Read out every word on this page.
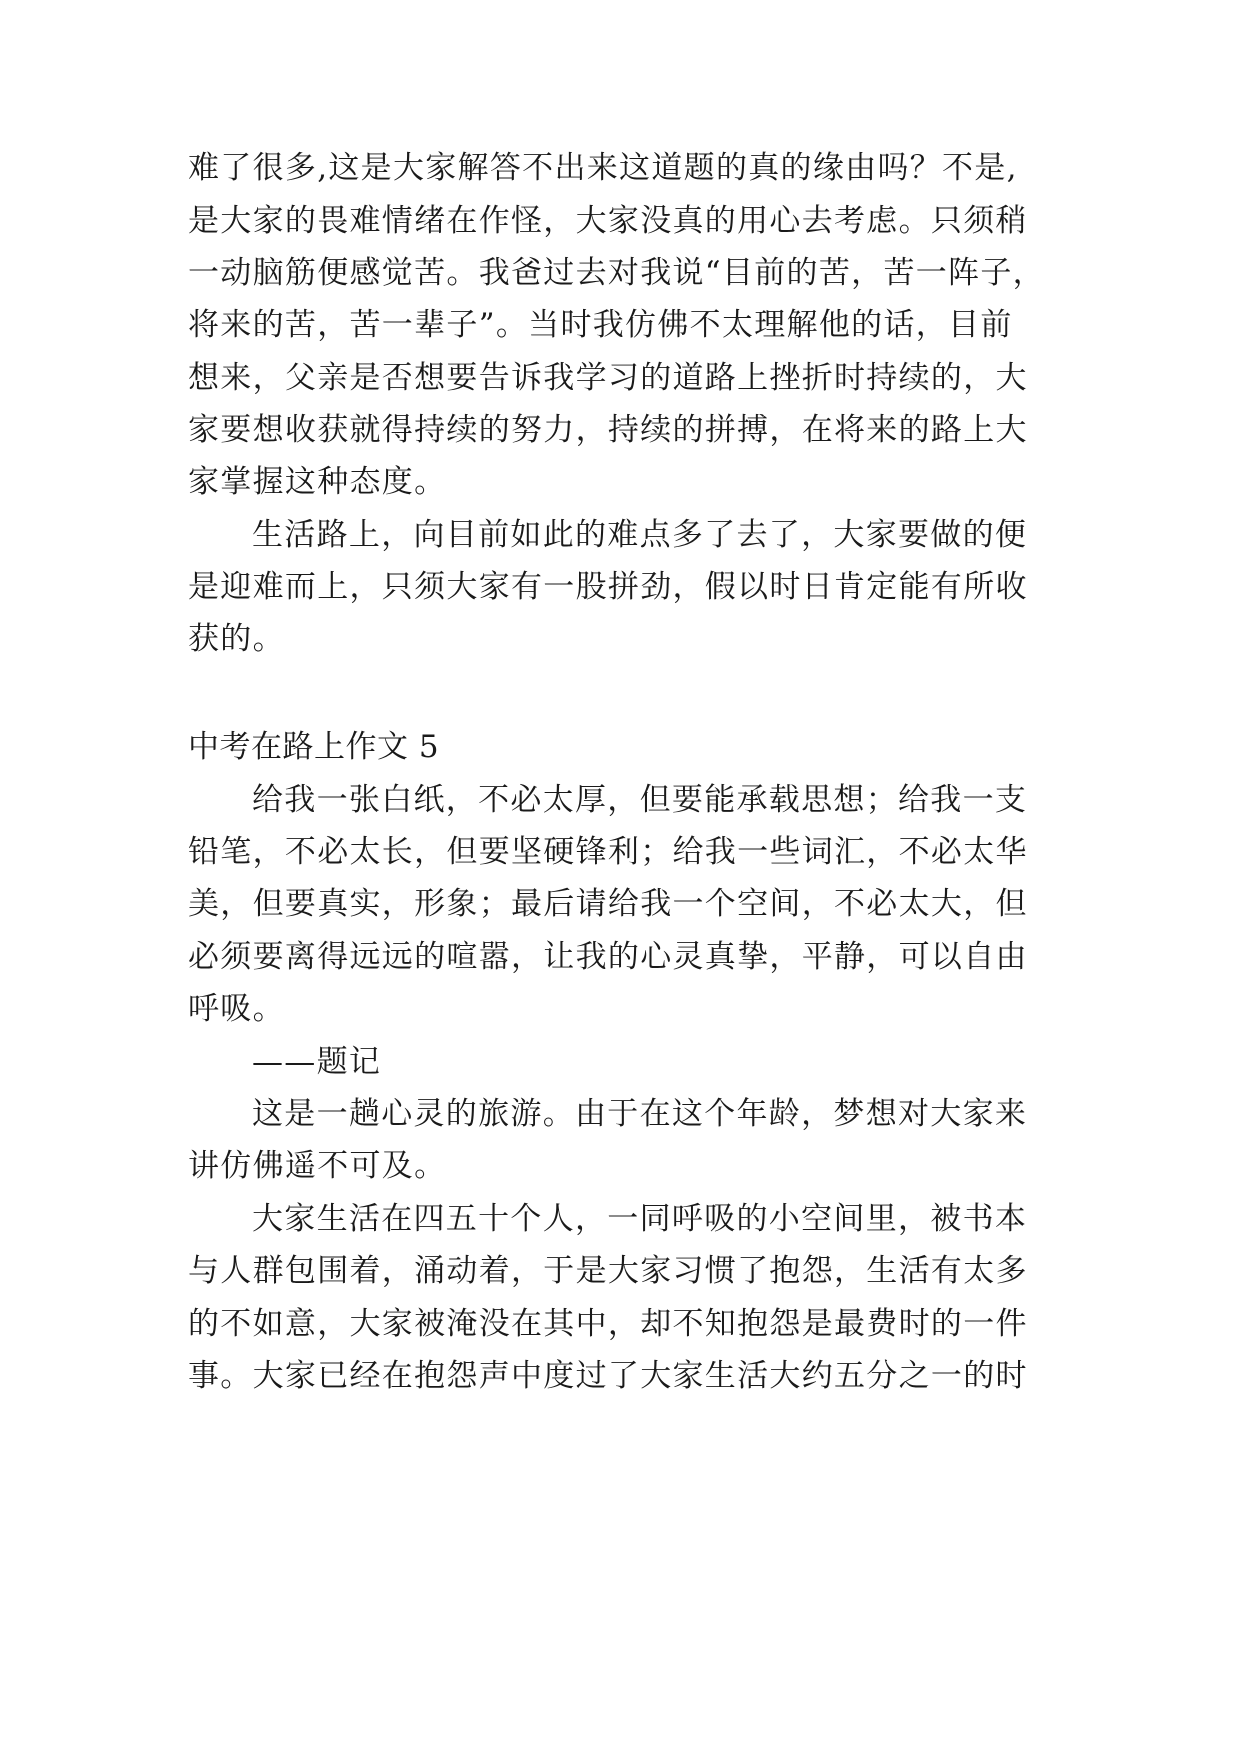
难了很多,这是大家解答不出来这道题的真的缘由吗？不是,
是大家的畏难情绪在作怪，大家没真的用心去考虑。只须稍
一动脑筋便感觉苦。我爸过去对我说“目前的苦，苦一阵子，
将来的苦，苦一辈子”。当时我仿佛不太理解他的话，目前
想来，父亲是否想要告诉我学习的道路上挫折时持续的，大
家要想收获就得持续的努力，持续的拼搏，在将来的路上大
家掌握这种态度。
生活路上，向目前如此的难点多了去了，大家要做的便
是迎难而上，只须大家有一股拼劲，假以时日肯定能有所收
获的。
中考在路上作文 5
给我一张白纸，不必太厚，但要能承载思想；给我一支
铅笔，不必太长，但要坚硬锋利；给我一些词汇，不必太华
美，但要真实，形象；最后请给我一个空间，不必太大，但
必须要离得远远的喧嚣，让我的心灵真挚，平静，可以自由
呼吸。
——题记
这是一趟心灵的旅游。由于在这个年龄，梦想对大家来
讲仿佛遥不可及。
大家生活在四五十个人，一同呼吸的小空间里，被书本
与人群包围着，涌动着，于是大家习惯了抱怨，生活有太多
的不如意，大家被淹没在其中，却不知抱怨是最费时的一件
事。大家已经在抱怨声中度过了大家生活大约五分之一的时
